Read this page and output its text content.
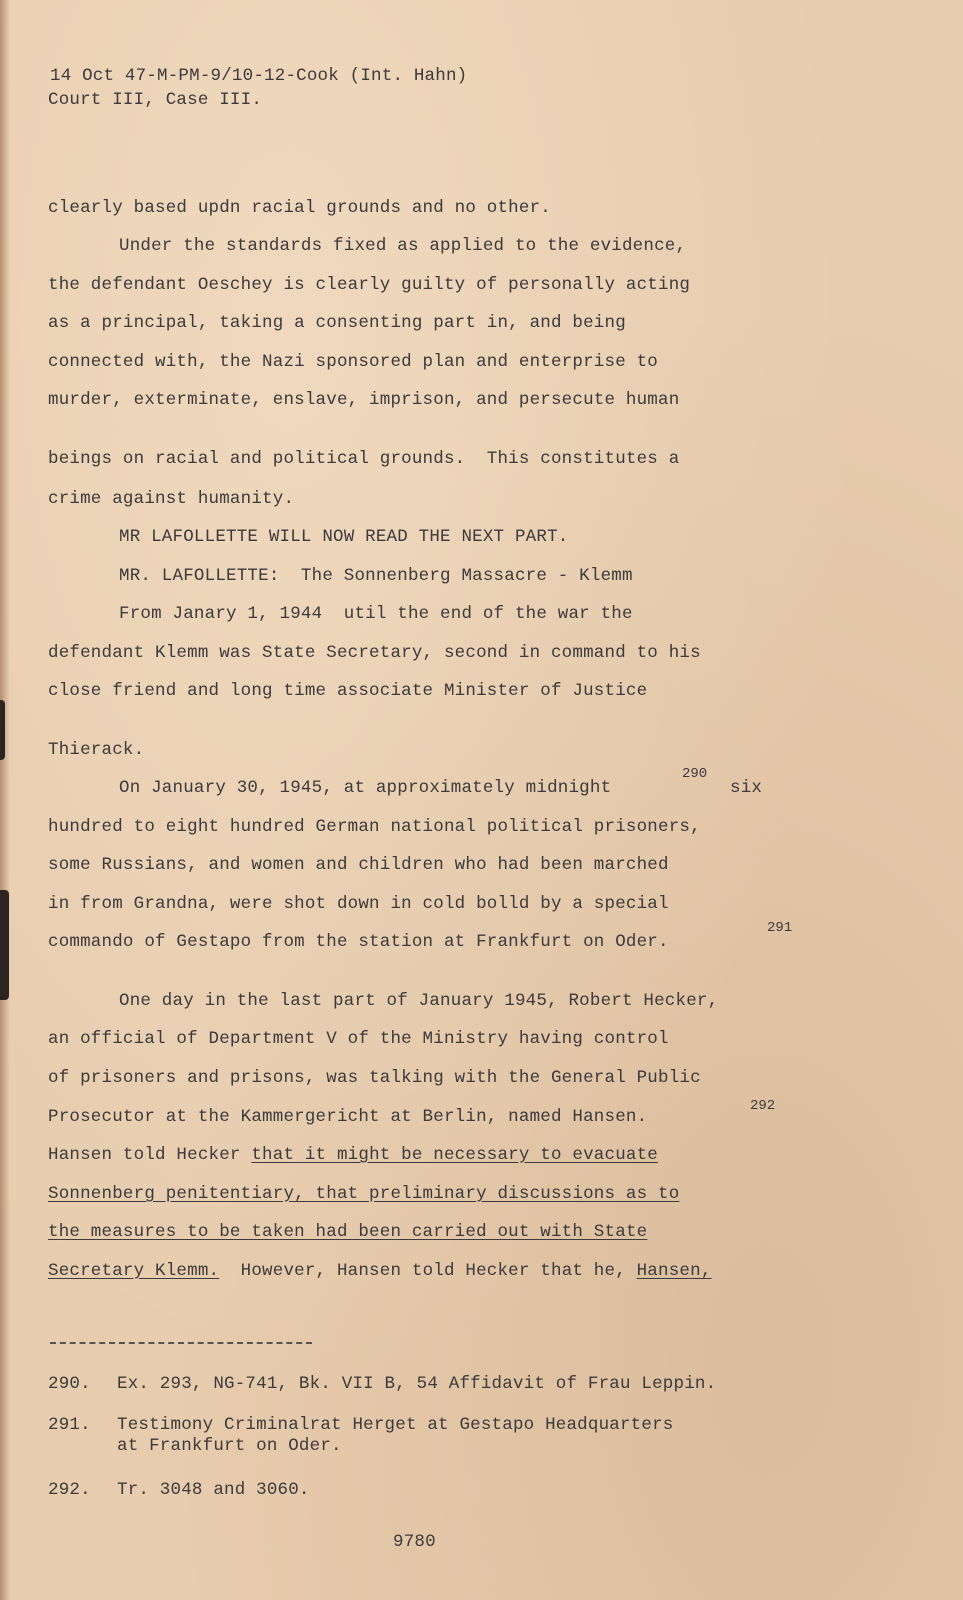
14 Oct 47-M-PM-9/10-12-Cook (Int. Hahn)

Court III, Case III.

clearly based updn racial grounds and no other.

Under the standards fixed as applied to the evidence,

the defendant Oeschey is clearly guilty of personally acting

as a principal, taking a consenting part in, and being

connected with, the Nazi sponsored plan and enterprise to

murder, exterminate, enslave, imprison, and persecute human

beings on racial and political grounds.  This constitutes a

crime against humanity.

MR LAFOLLETTE WILL NOW READ THE NEXT PART.

MR. LAFOLLETTE:  The Sonnenberg Massacre - Klemm

From Janary 1, 1944  util the end of the war the

defendant Klemm was State Secretary, second in command to his

close friend and long time associate Minister of Justice

Thierack.

On January 30, 1945, at approximately midnight

290

six

hundred to eight hundred German national political prisoners,

some Russians, and women and children who had been marched

in from Grandna, were shot down in cold bolld by a special

commando of Gestapo from the station at Frankfurt on Oder.

291

One day in the last part of January 1945, Robert Hecker,

an official of Department V of the Ministry having control

of prisoners and prisons, was talking with the General Public

Prosecutor at the Kammergericht at Berlin, named Hansen.

292

Hansen told Hecker that it might be necessary to evacuate

Sonnenberg penitentiary, that preliminary discussions as to

the measures to be taken had been carried out with State

Secretary Klemm.  However, Hansen told Hecker that he, Hansen,

290. Ex. 293, NG-741, Bk. VII B, 54 Affidavit of Frau Leppin.

291. Testimony Criminalrat Herget at Gestapo Headquarters

at Frankfurt on Oder.

292. Tr. 3048 and 3060.

9780
